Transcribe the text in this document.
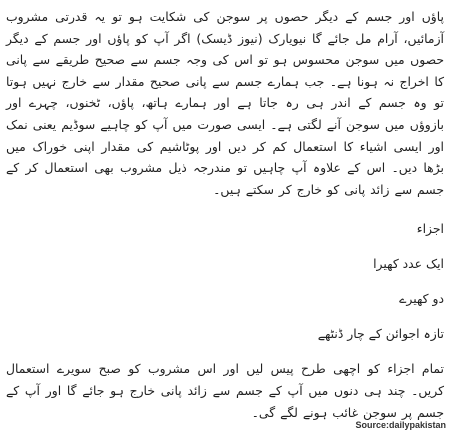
پاؤں اور جسم کے دیگر حصوں پر سوجن کی شکایت ہو تو یہ قدرتی مشروب آزمائیں، آرام مل جائے گا نیویارک (نیوز ڈیسک) اگر آپ کو پاؤں اور جسم کے دیگر حصوں میں سوجن محسوس ہو تو اس کی وجہ جسم سے صحیح طریقے سے پانی کا اخراج نہ ہونا ہے۔ جب ہمارے جسم سے پانی صحیح مقدار سے خارج نہیں ہوتا تو وہ جسم کے اندر ہی رہ جاتا ہے اور ہمارے ہاتھ، پاؤں، ٹخنوں، چہرے اور بازوؤں میں سوجن آنے لگتی ہے۔ ایسی صورت میں آپ کو چاہیے سوڈیم یعنی نمک اور ایسی اشیاء کا استعمال کم کر دیں اور پوٹاشیم کی مقدار اپنی خوراک میں بڑھا دیں۔ اس کے علاوہ آپ چاہیں تو مندرجہ ذیل مشروب بھی استعمال کر کے جسم سے زائد پانی کو خارج کر سکتے ہیں۔

اجزاء

ایک عدد کھیرا

دو کھیرے

تازہ اجوائن کے چار ڈنٹھے

تمام اجزاء کو اچھی طرح پیس لیں اور اس مشروب کو صبح سویرے استعمال کریں۔ چند ہی دنوں میں آپ کے جسم سے زائد پانی خارج ہو جائے گا اور آپ کے جسم پر سوجن غائب ہونے لگے گی۔

Source:dailypakistan
